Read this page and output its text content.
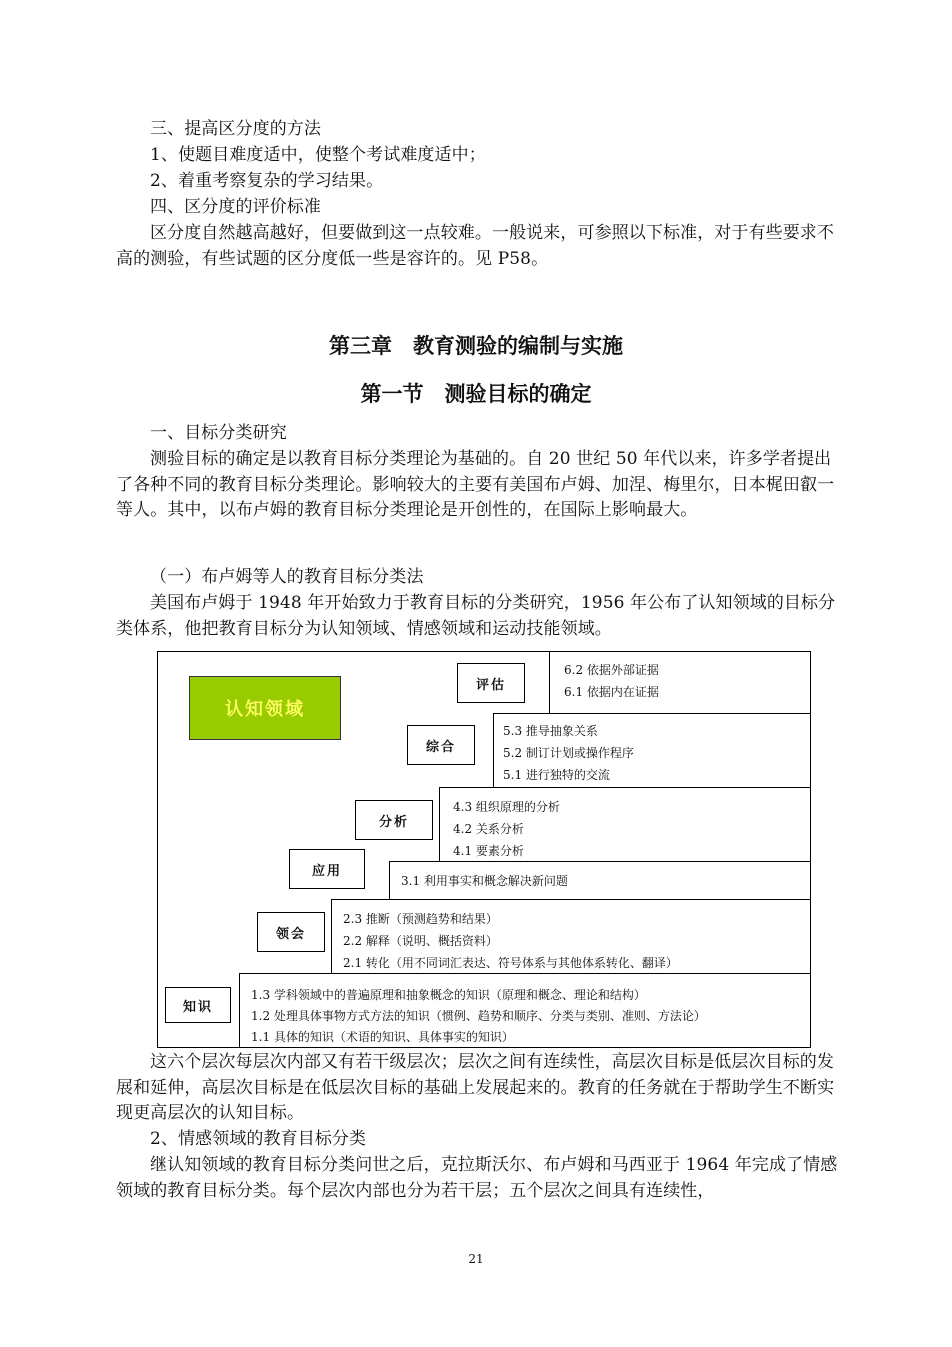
三、提高区分度的方法
1、使题目难度适中，使整个考试难度适中；
2、着重考察复杂的学习结果。
四、区分度的评价标准
区分度自然越高越好，但要做到这一点较难。一般说来，可参照以下标准，对于有些要求不高的测验，有些试题的区分度低一些是容许的。见 P58。
第三章　教育测验的编制与实施
第一节　测验目标的确定
一、目标分类研究
测验目标的确定是以教育目标分类理论为基础的。自 20 世纪 50 年代以来，许多学者提出了各种不同的教育目标分类理论。影响较大的主要有美国布卢姆、加涅、梅里尔，日本梶田叡一等人。其中，以布卢姆的教育目标分类理论是开创性的，在国际上影响最大。
（一）布卢姆等人的教育目标分类法
美国布卢姆于 1948 年开始致力于教育目标的分类研究，1956 年公布了认知领域的目标分类体系，他把教育目标分为认知领域、情感领域和运动技能领域。
认知领域
6.2 依据外部证据
6.1 依据内在证据
评估
5.3 推导抽象关系
5.2 制订计划或操作程序
5.1 进行独特的交流
综合
4.3 组织原理的分析
4.2 关系分析
4.1 要素分析
分析
3.1 利用事实和概念解决新问题
应用
2.3 推断（预测趋势和结果）
2.2 解释（说明、概括资料）
2.1 转化（用不同词汇表达、符号体系与其他体系转化、翻译）
领会
1.3 学科领域中的普遍原理和抽象概念的知识（原理和概念、理论和结构）
1.2 处理具体事物方式方法的知识（惯例、趋势和顺序、分类与类别、准则、方法论）
1.1 具体的知识（术语的知识、具体事实的知识）
知识
这六个层次每层次内部又有若干级层次；层次之间有连续性，高层次目标是低层次目标的发展和延伸，高层次目标是在低层次目标的基础上发展起来的。教育的任务就在于帮助学生不断实现更高层次的认知目标。
2、情感领域的教育目标分类
继认知领域的教育目标分类问世之后，克拉斯沃尔、布卢姆和马西亚于 1964 年完成了情感领域的教育目标分类。每个层次内部也分为若干层；五个层次之间具有连续性，
21
